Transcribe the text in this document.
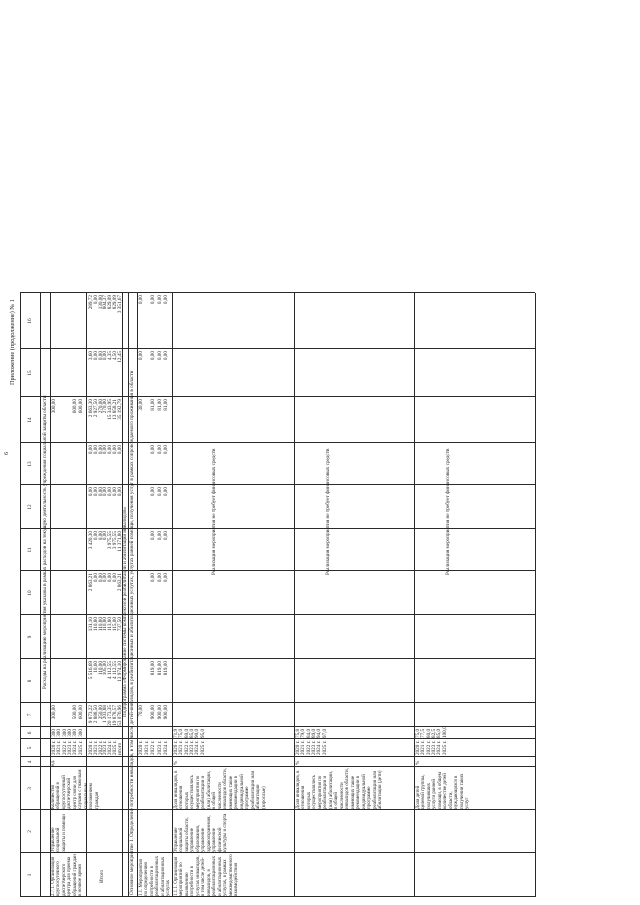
6
Приложение (продолжение) № 1
1
2
3
4
5
6
7
8
9
10
11
12
13
14
15
16
2.7.1. Организация круглосуточного диспетчерского центра для приема обращений граждан в ночное время
Управление социальной защиты и помощи
Количество обращений в круглосуточный диспетчерский центр связи для случаев с тяжелым социальным положением граждан
ед.
Расходы на реализацию мероприятия указаны в рамках расходов на текущую деятельность учреждения социальной защиты области
2020 г. 2021 г. 2022 г. 2023 г. 2024 г. 2025 г.
300 300 300 300 300 300
300,00	500,00 600,00
300,00	600,00 600,00
Итого
2020 г.
2021 г.
2022 г.
2023 г.
2024 г.
2025 г.
итого
9 873,22
2 888,50
250,00
1 203,88
20 173,35
19 878,57
53 076,96
5 516,69
10,60
110,00
105,00
4 112,55
4 112,55
13 974,10
131,10
110,80
110,80
110,80
113,80
115,00
737,50
2 863,21
0,00
0,00
0,00
0,00
0,00
2 863,21
3 420,30
0,00
0,00
0,00
3 975,55
3 975,55
11 371,80
0,00
0,00
0,00
0,00
0,00
0,00
0,00
0,00
0,00
0,00
0,00
0,00
0,00
0,00
2 663,30
2 927,50
270,00
270,00
15 343,95
13 858,21
35 192,79
3,60
0,00
0,00
0,00
4,35
4,50
12,45
289,72
0,00
130,00
804,37
829,09
829,09
3 351,67
Подпрограмма «Формирование системы комплексной реабилитации и абилитации инвалидов» Основное мероприятие 1. Определение потребности инвалидов, в том числе детей-инвалидов, в реабилитационных и абилитационных услугах, услугах ранней помощи, получения услуг в рамках сопровождаемого проживания в области 1.1. Мероприятия по определению потребности в реабилитационных и абилитационных услугах
2020 г. 2021 г. 2022 г. 2023 г. 2024 г.
70,00 900,00 900,00 900,00
819,00 819,00 819,00
0,00 0,00 0,00
0,00 0,00 0,00
0,00 0,00 0,00
0,00 0,00 0,00
30,00 81,00 81,00 81,00
0,00 0,00 0,00 0,00
0,00 0,00 0,00 0,00
1.1.1. Организация мероприятий по выявлению потребности в услугах инвалидов, в том числе детей-инвалидов, в реабилитационных и абилитационных услугах, в рамках межведомственного взаимодействия
Управление социальной защиты области, управление образования, управление здравоохранения, управление физической культуры и спорта
Доля инвалидов, в отношении которых осуществлялись мероприятия по реабилитации и (или) абилитации, в общей численности инвалидов области, имеющих такие рекомендации в индивидуальной программе реабилитации или абилитации (взрослые)
%
2020 г. 2021 г. 2022 г. 2023 г. 2024 г. 2025 г.
71,9 75,0 80,0 85,0 90,0 95,0
Реализация мероприятия не требует финансовых средств
Доля инвалидов, в отношении которых осуществлялись мероприятия по реабилитации и (или) абилитации, в общей численности инвалидов области, имеющих такие рекомендации в индивидуальной программе реабилитации или абилитации (дети)
%
2020 г. 2021 г. 2022 г. 2023 г. 2024 г. 2025 г.
75,8 79,0 84,0 89,0 94,0 97,0
Реализация мероприятия не требует финансовых средств
Доля детей целевой группы, получивших услуги ранней помощи, в общем количестве детей области, нуждающихся в получении таких услуг
%
2020 г. 2021 г. 2022 г. 2023 г. 2024 г. 2025 г.
75,0 77,5 80,0 82,5 85,0 100,0
Реализация мероприятия не требует финансовых средств
